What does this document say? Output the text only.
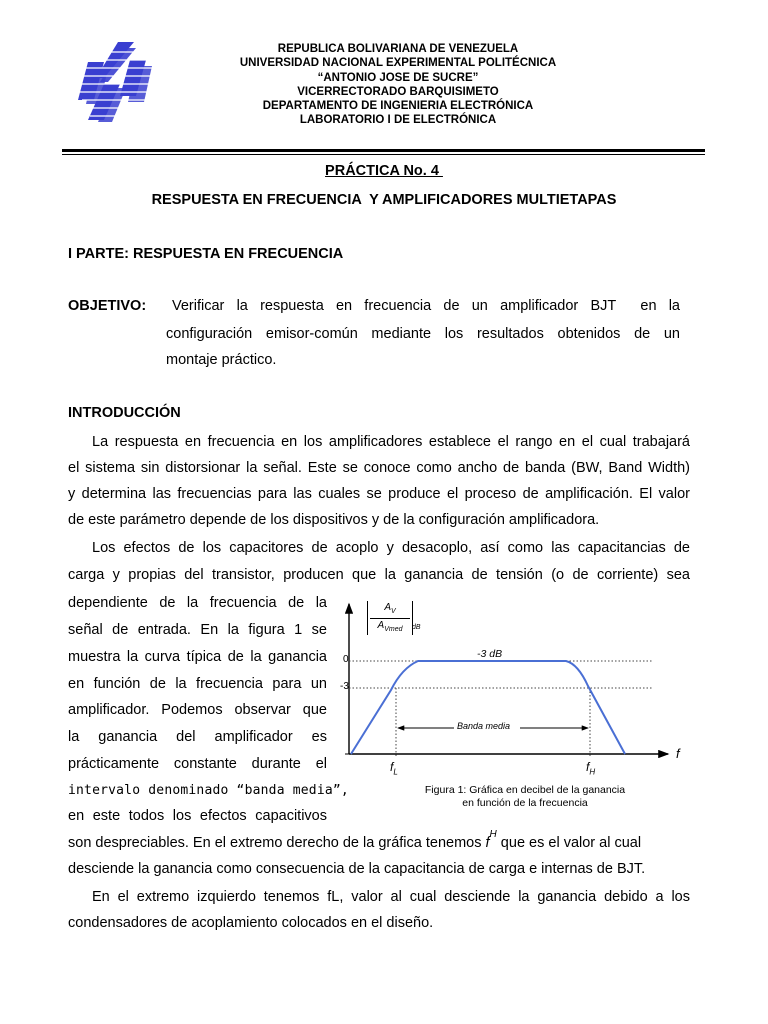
REPUBLICA BOLIVARIANA DE VENEZUELA
UNIVERSIDAD NACIONAL EXPERIMENTAL POLITÉCNICA
“ANTONIO JOSE DE SUCRE”
VICERRECTORADO BARQUISIMETO
DEPARTAMENTO DE INGENIERIA ELECTRÓNICA
LABORATORIO I DE ELECTRÓNICA
PRÁCTICA No. 4
RESPUESTA EN FRECUENCIA  Y AMPLIFICADORES MULTIETAPAS
I PARTE: RESPUESTA EN FRECUENCIA
OBJETIVO: Verificar la respuesta en frecuencia de un amplificador BJT  en la
configuración emisor-común mediante los resultados obtenidos de un
montaje práctico.
INTRODUCCIÓN
La respuesta en frecuencia en los amplificadores establece el rango en el cual trabajará
el sistema sin distorsionar la señal. Este se conoce como ancho de banda (BW, Band Width)
y determina las frecuencias para las cuales se produce el proceso de amplificación. El valor
de este parámetro depende de los dispositivos y de la configuración amplificadora.
Los efectos de los capacitores de acoplo y desacoplo, así como las capacitancias de
carga y propias del transistor, producen que la ganancia de tensión (o de corriente) sea
dependiente de la frecuencia de la
señal de entrada. En la figura 1 se
muestra la curva típica de la ganancia
en función de la frecuencia para un
amplificador. Podemos observar que
la ganancia del amplificador es
prácticamente constante durante el
intervalo denominado “banda media”,
en este todos los efectos capacitivos
son despreciables. En el extremo derecho de la gráfica tenemos f
$_H$
que es el valor al cual
desciende la ganancia como consecuencia de la capacitancia de carga e internas de BJT.
En el extremo izquierdo tenemos fL, valor al cual desciende la ganancia debido a los
condensadores de acoplamiento colocados en el diseño.
$A_V$
$A_{Vmed}$	dB
0
-3
-3 dB
Banda media
f
$f_L$	$f_H$
Figura 1: Gráfica en decibel de la ganancia
en función de la frecuencia
